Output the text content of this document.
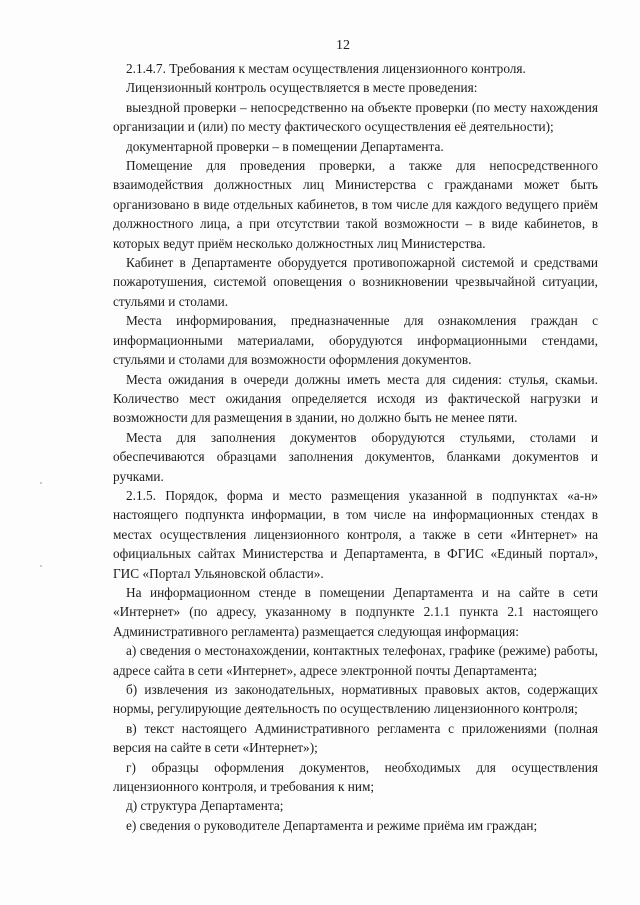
12

2.1.4.7. Требования к местам осуществления лицензионного контроля.

Лицензионный контроль осуществляется в месте проведения:

выездной проверки – непосредственно на объекте проверки (по месту нахождения организации и (или) по месту фактического осуществления её деятельности);

документарной проверки – в помещении Департамента.

Помещение для проведения проверки, а также для непосредственного взаимодействия должностных лиц Министерства с гражданами может быть организовано в виде отдельных кабинетов, в том числе для каждого ведущего приём должностного лица, а при отсутствии такой возможности – в виде кабинетов, в которых ведут приём несколько должностных лиц Министерства.

Кабинет в Департаменте оборудуется противопожарной системой и средствами пожаротушения, системой оповещения о возникновении чрезвычайной ситуации, стульями и столами.

Места информирования, предназначенные для ознакомления граждан с информационными материалами, оборудуются информационными стендами, стульями и столами для возможности оформления документов.

Места ожидания в очереди должны иметь места для сидения: стулья, скамьи. Количество мест ожидания определяется исходя из фактической нагрузки и возможности для размещения в здании, но должно быть не менее пяти.

Места для заполнения документов оборудуются стульями, столами и обеспечиваются образцами заполнения документов, бланками документов и ручками.

2.1.5. Порядок, форма и место размещения указанной в подпунктах «а-н» настоящего подпункта информации, в том числе на информационных стендах в местах осуществления лицензионного контроля, а также в сети «Интернет» на официальных сайтах Министерства и Департамента, в ФГИС «Единый портал», ГИС «Портал Ульяновской области».

На информационном стенде в помещении Департамента и на сайте в сети «Интернет» (по адресу, указанному в подпункте 2.1.1 пункта 2.1 настоящего Административного регламента) размещается следующая информация:

а) сведения о местонахождении, контактных телефонах, графике (режиме) работы, адресе сайта в сети «Интернет», адресе электронной почты Департамента;

б) извлечения из законодательных, нормативных правовых актов, содержащих нормы, регулирующие деятельность по осуществлению лицензионного контроля;

в) текст настоящего Административного регламента с приложениями (полная версия на сайте в сети «Интернет»);

г) образцы оформления документов, необходимых для осуществления лицензионного контроля, и требования к ним;

д) структура Департамента;

е) сведения о руководителе Департамента и режиме приёма им граждан;
